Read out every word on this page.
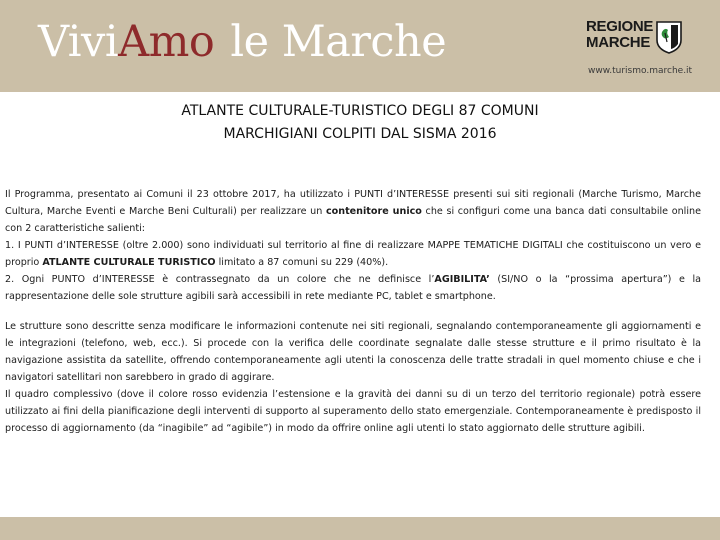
ViviAmo le Marche	REGIONE
MARCHE
www.turismo.marche.it
ATLANTE CULTURALE-TURISTICO DEGLI 87 COMUNI
MARCHIGIANI COLPITI DAL SISMA 2016

Il Programma, presentato ai Comuni il 23 ottobre 2017, ha utilizzato i PUNTI d’INTERESSE presenti sui siti regionali (Marche Turismo, Marche Cultura, Marche Eventi e Marche Beni Culturali) per realizzare un contenitore unico che si configuri come una banca dati consultabile online con 2 caratteristiche salienti:

1. I PUNTI d’INTERESSE (oltre 2.000) sono individuati sul territorio al fine di realizzare MAPPE TEMATICHE DIGITALI che costituiscono un vero e proprio ATLANTE CULTURALE TURISTICO limitato a 87 comuni su 229 (40%).

2. Ogni PUNTO d’INTERESSE è contrassegnato da un colore che ne definisce l’AGIBILITA’ (SI/NO o la “prossima apertura”) e la rappresentazione delle sole strutture agibili sarà accessibili in rete mediante PC, tablet e smartphone.

Le strutture sono descritte senza modificare le informazioni contenute nei siti regionali, segnalando contemporaneamente gli aggiornamenti e le integrazioni (telefono, web, ecc.). Si procede con la verifica delle coordinate segnalate dalle stesse strutture e il primo risultato è la navigazione assistita da satellite, offrendo contemporaneamente agli utenti la conoscenza delle tratte stradali in quel momento chiuse e che i navigatori satellitari non sarebbero in grado di aggirare.

Il quadro complessivo (dove il colore rosso evidenzia l’estensione e la gravità dei danni su di un terzo del territorio regionale) potrà essere utilizzato ai fini della pianificazione degli interventi di supporto al superamento dello stato emergenziale. Contemporaneamente è predisposto il processo di aggiornamento (da “inagibile” ad “agibile”) in modo da offrire online agli utenti lo stato aggiornato delle strutture agibili.
